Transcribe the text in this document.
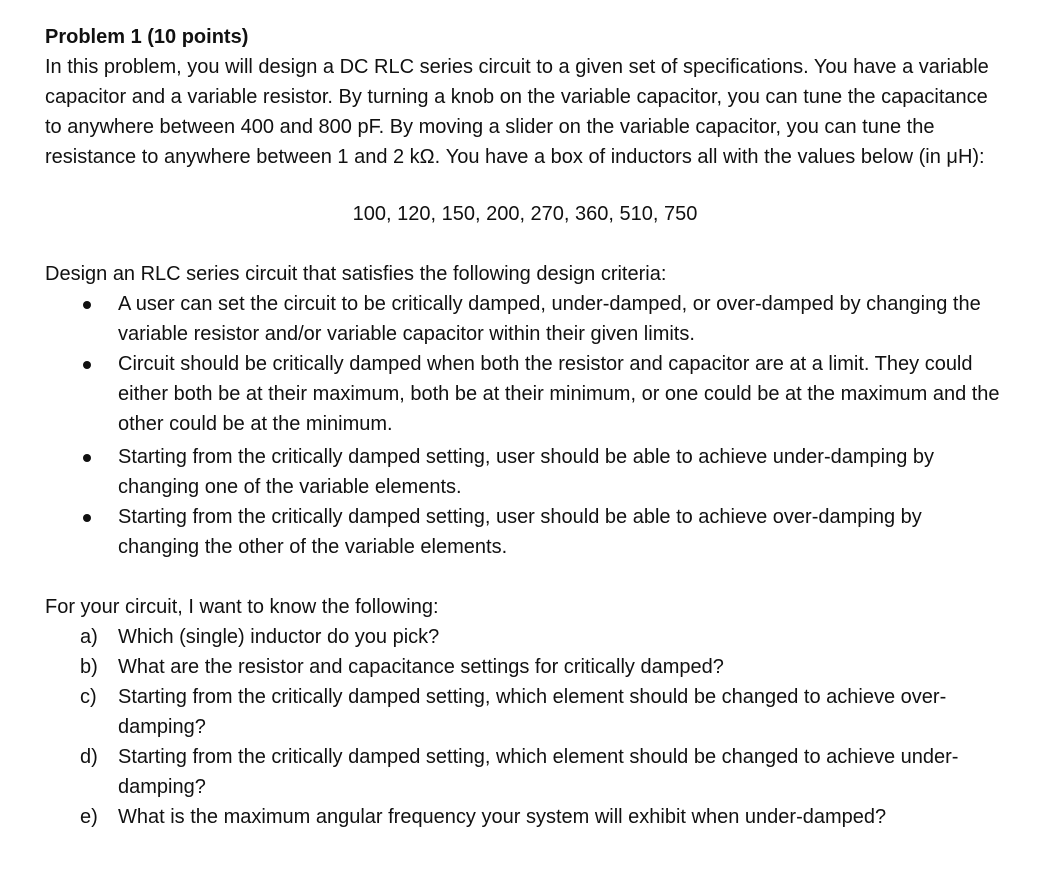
Problem 1 (10 points)

In this problem, you will design a DC RLC series circuit to a given set of specifications. You have a variable capacitor and a variable resistor. By turning a knob on the variable capacitor, you can tune the capacitance to anywhere between 400 and 800 pF. By moving a slider on the variable capacitor, you can tune the resistance to anywhere between 1 and 2 kΩ. You have a box of inductors all with the values below (in μH):

100, 120, 150, 200, 270, 360, 510, 750

Design an RLC series circuit that satisfies the following design criteria:

A user can set the circuit to be critically damped, under-damped, or over-damped by changing the variable resistor and/or variable capacitor within their given limits.
Circuit should be critically damped when both the resistor and capacitor are at a limit. They could either both be at their maximum, both be at their minimum, or one could be at the maximum and the other could be at the minimum.
Starting from the critically damped setting, user should be able to achieve under-damping by changing one of the variable elements.
Starting from the critically damped setting, user should be able to achieve over-damping by changing the other of the variable elements.

For your circuit, I want to know the following:

a) Which (single) inductor do you pick?
b) What are the resistor and capacitance settings for critically damped?
c) Starting from the critically damped setting, which element should be changed to achieve over- damping?
d) Starting from the critically damped setting, which element should be changed to achieve under- damping?
e) What is the maximum angular frequency your system will exhibit when under-damped?
